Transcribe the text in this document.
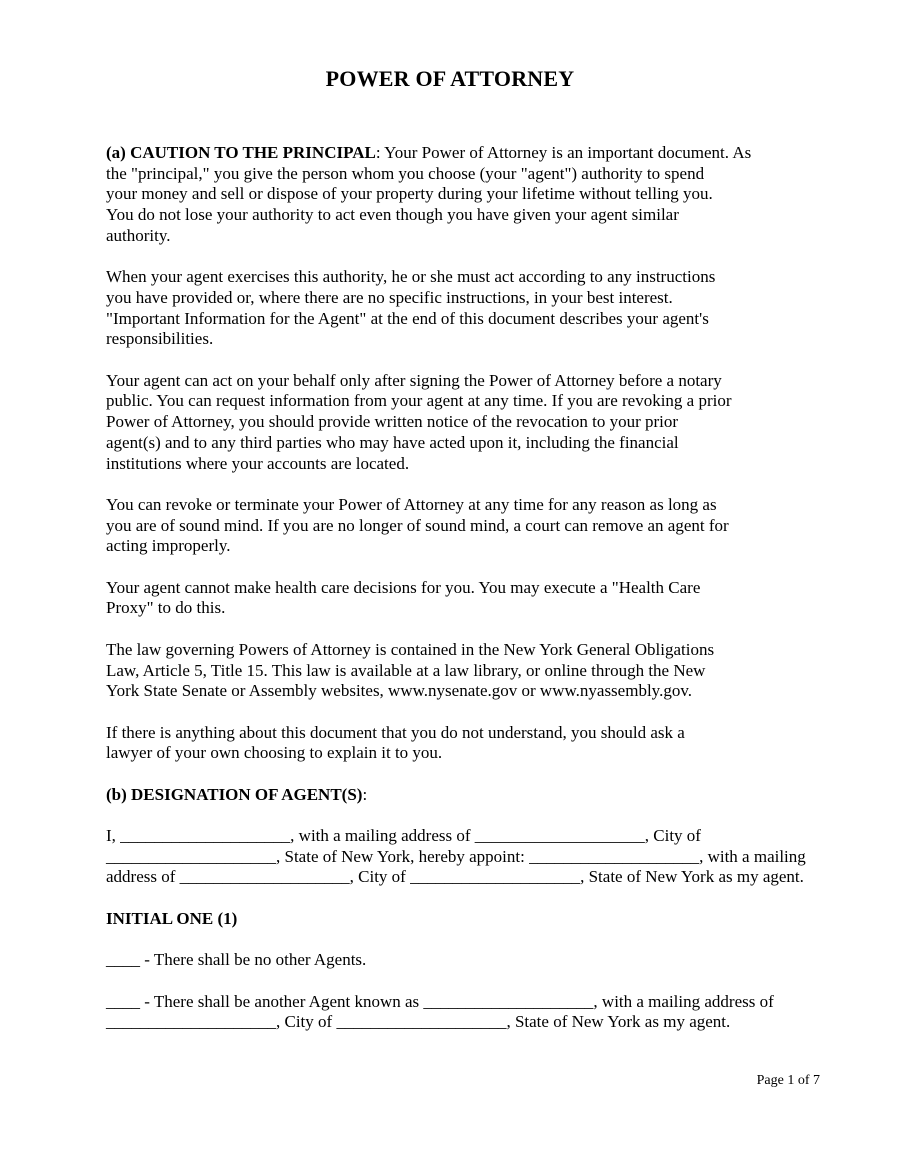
POWER OF ATTORNEY
(a) CAUTION TO THE PRINCIPAL: Your Power of Attorney is an important document. As
the "principal," you give the person whom you choose (your "agent") authority to spend
your money and sell or dispose of your property during your lifetime without telling you.
You do not lose your authority to act even though you have given your agent similar
authority.
When your agent exercises this authority, he or she must act according to any instructions
you have provided or, where there are no specific instructions, in your best interest.
"Important Information for the Agent" at the end of this document describes your agent's
responsibilities.
Your agent can act on your behalf only after signing the Power of Attorney before a notary
public. You can request information from your agent at any time. If you are revoking a prior
Power of Attorney, you should provide written notice of the revocation to your prior
agent(s) and to any third parties who may have acted upon it, including the financial
institutions where your accounts are located.
You can revoke or terminate your Power of Attorney at any time for any reason as long as
you are of sound mind. If you are no longer of sound mind, a court can remove an agent for
acting improperly.
Your agent cannot make health care decisions for you. You may execute a "Health Care
Proxy" to do this.
The law governing Powers of Attorney is contained in the New York General Obligations
Law, Article 5, Title 15. This law is available at a law library, or online through the New
York State Senate or Assembly websites, www.nysenate.gov or www.nyassembly.gov.
If there is anything about this document that you do not understand, you should ask a
lawyer of your own choosing to explain it to you.
(b) DESIGNATION OF AGENT(S):
I, ____________________, with a mailing address of ____________________, City of
____________________, State of New York, hereby appoint: ____________________, with a mailing
address of ____________________, City of ____________________, State of New York as my agent.
INITIAL ONE (1)
____ - There shall be no other Agents.
____ - There shall be another Agent known as ____________________, with a mailing address of
____________________, City of ____________________, State of New York as my agent.
Page 1 of 7
